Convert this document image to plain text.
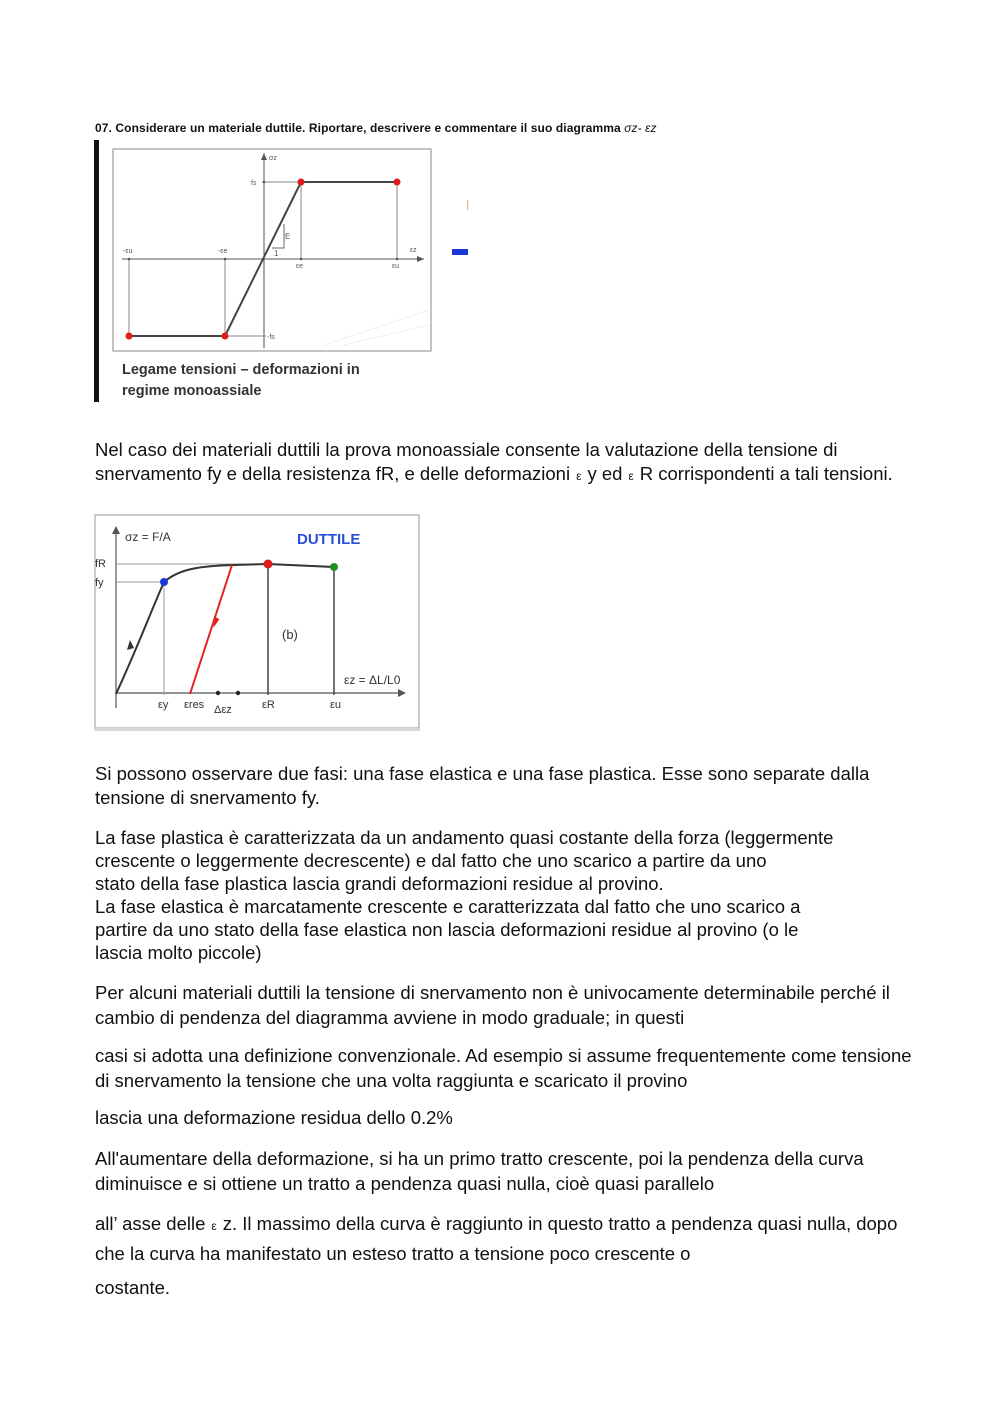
07. Considerare un materiale duttile. Riportare, descrivere e commentare il suo diagramma σz- εz
σz
εz
fs
-fs
E
1
-εu	-εe
εe	εu
Legame tensioni – deformazioni in
regime monoassiale

Nel caso dei materiali duttili la prova monoassiale consente la valutazione della tensione di snervamento fy e della resistenza fR, e delle deformazioni ε y ed ε R corrispondenti a tali tensioni.

σz = F/A	DUTTILE
fR
fy
(b)
εz = ΔL/L0
εy εres Δεz	εR	εu

Si possono osservare due fasi: una fase elastica e una fase plastica. Esse sono separate dalla tensione di snervamento fy.

La fase plastica è caratterizzata da un andamento quasi costante della forza (leggermente
crescente o leggermente decrescente) e dal fatto che uno scarico a partire da uno
stato della fase plastica lascia grandi deformazioni residue al provino.
La fase elastica è marcatamente crescente e caratterizzata dal fatto che uno scarico a
partire da uno stato della fase elastica non lascia deformazioni residue al provino (o le
lascia molto piccole)

Per alcuni materiali duttili la tensione di snervamento non è univocamente determinabile perché il cambio di pendenza del diagramma avviene in modo graduale; in questi

casi si adotta una definizione convenzionale. Ad esempio si assume frequentemente come tensione di snervamento la tensione che una volta raggiunta e scaricato il provino

lascia una deformazione residua dello 0.2%

All'aumentare della deformazione, si ha un primo tratto crescente, poi la pendenza della curva diminuisce e si ottiene un tratto a pendenza quasi nulla, cioè quasi parallelo

all’ asse delle ε z. Il massimo della curva è raggiunto in questo tratto a pendenza quasi nulla, dopo che la curva ha manifestato un esteso tratto a tensione poco crescente o

costante.
